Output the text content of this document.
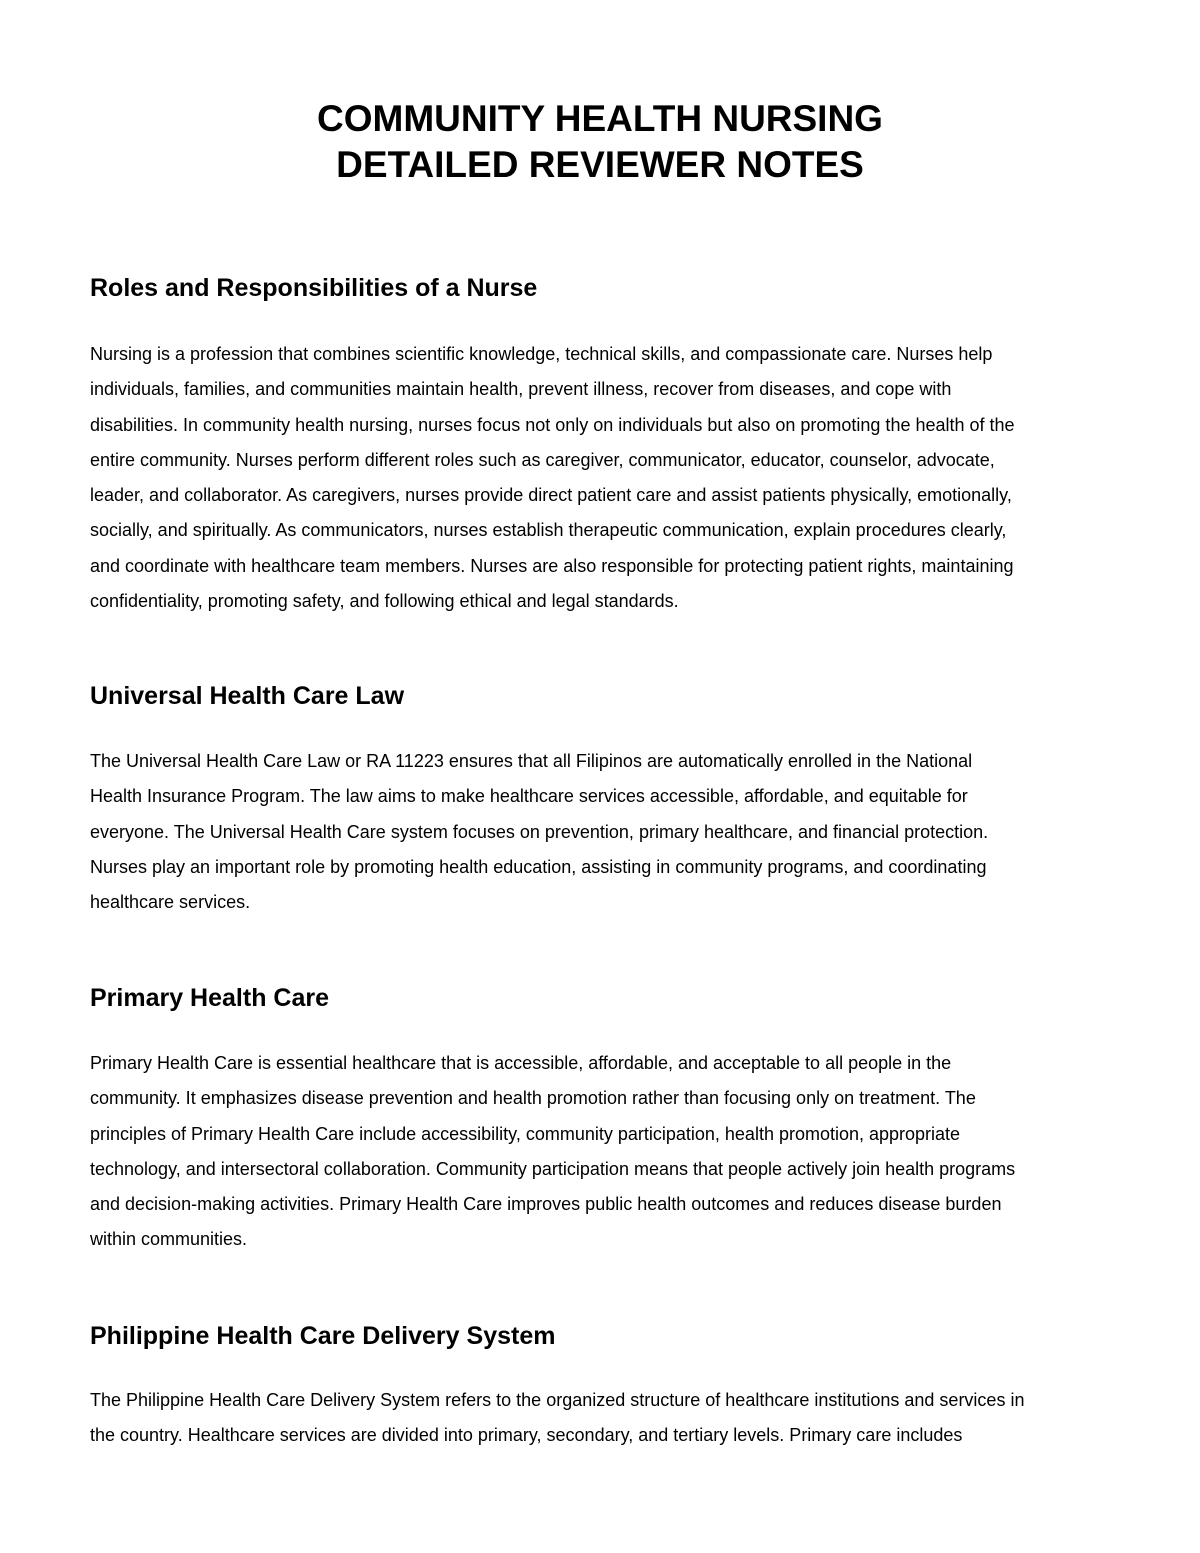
COMMUNITY HEALTH NURSING
DETAILED REVIEWER NOTES
Roles and Responsibilities of a Nurse
Nursing is a profession that combines scientific knowledge, technical skills, and compassionate care. Nurses help
individuals, families, and communities maintain health, prevent illness, recover from diseases, and cope with
disabilities. In community health nursing, nurses focus not only on individuals but also on promoting the health of the
entire community. Nurses perform different roles such as caregiver, communicator, educator, counselor, advocate,
leader, and collaborator. As caregivers, nurses provide direct patient care and assist patients physically, emotionally,
socially, and spiritually. As communicators, nurses establish therapeutic communication, explain procedures clearly,
and coordinate with healthcare team members. Nurses are also responsible for protecting patient rights, maintaining
confidentiality, promoting safety, and following ethical and legal standards.
Universal Health Care Law
The Universal Health Care Law or RA 11223 ensures that all Filipinos are automatically enrolled in the National
Health Insurance Program. The law aims to make healthcare services accessible, affordable, and equitable for
everyone. The Universal Health Care system focuses on prevention, primary healthcare, and financial protection.
Nurses play an important role by promoting health education, assisting in community programs, and coordinating
healthcare services.
Primary Health Care
Primary Health Care is essential healthcare that is accessible, affordable, and acceptable to all people in the
community. It emphasizes disease prevention and health promotion rather than focusing only on treatment. The
principles of Primary Health Care include accessibility, community participation, health promotion, appropriate
technology, and intersectoral collaboration. Community participation means that people actively join health programs
and decision-making activities. Primary Health Care improves public health outcomes and reduces disease burden
within communities.
Philippine Health Care Delivery System
The Philippine Health Care Delivery System refers to the organized structure of healthcare institutions and services in
the country. Healthcare services are divided into primary, secondary, and tertiary levels. Primary care includes
